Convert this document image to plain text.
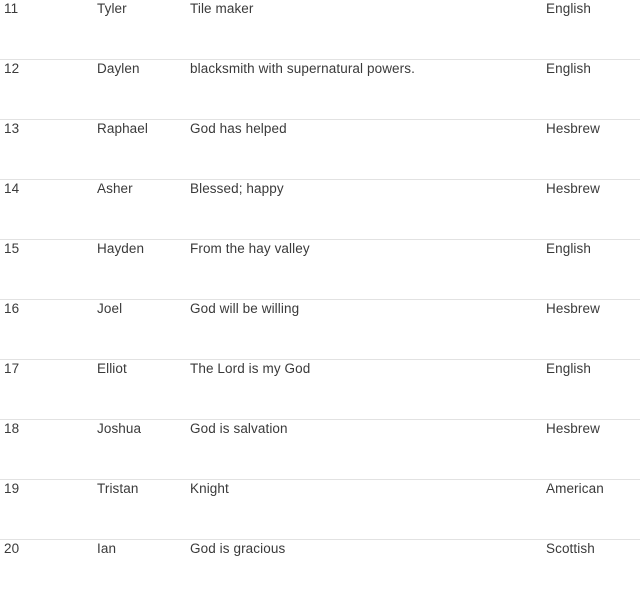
11	Tyler	Tile maker	English
12	Daylen	blacksmith with supernatural powers.	English
13	Raphael	God has helped	Hesbrew
14	Asher	Blessed; happy	Hesbrew
15	Hayden	From the hay valley	English
16	Joel	God will be willing	Hesbrew
17	Elliot	The Lord is my God	English
18	Joshua	God is salvation	Hesbrew
19	Tristan	Knight	American
20	Ian	God is gracious	Scottish
